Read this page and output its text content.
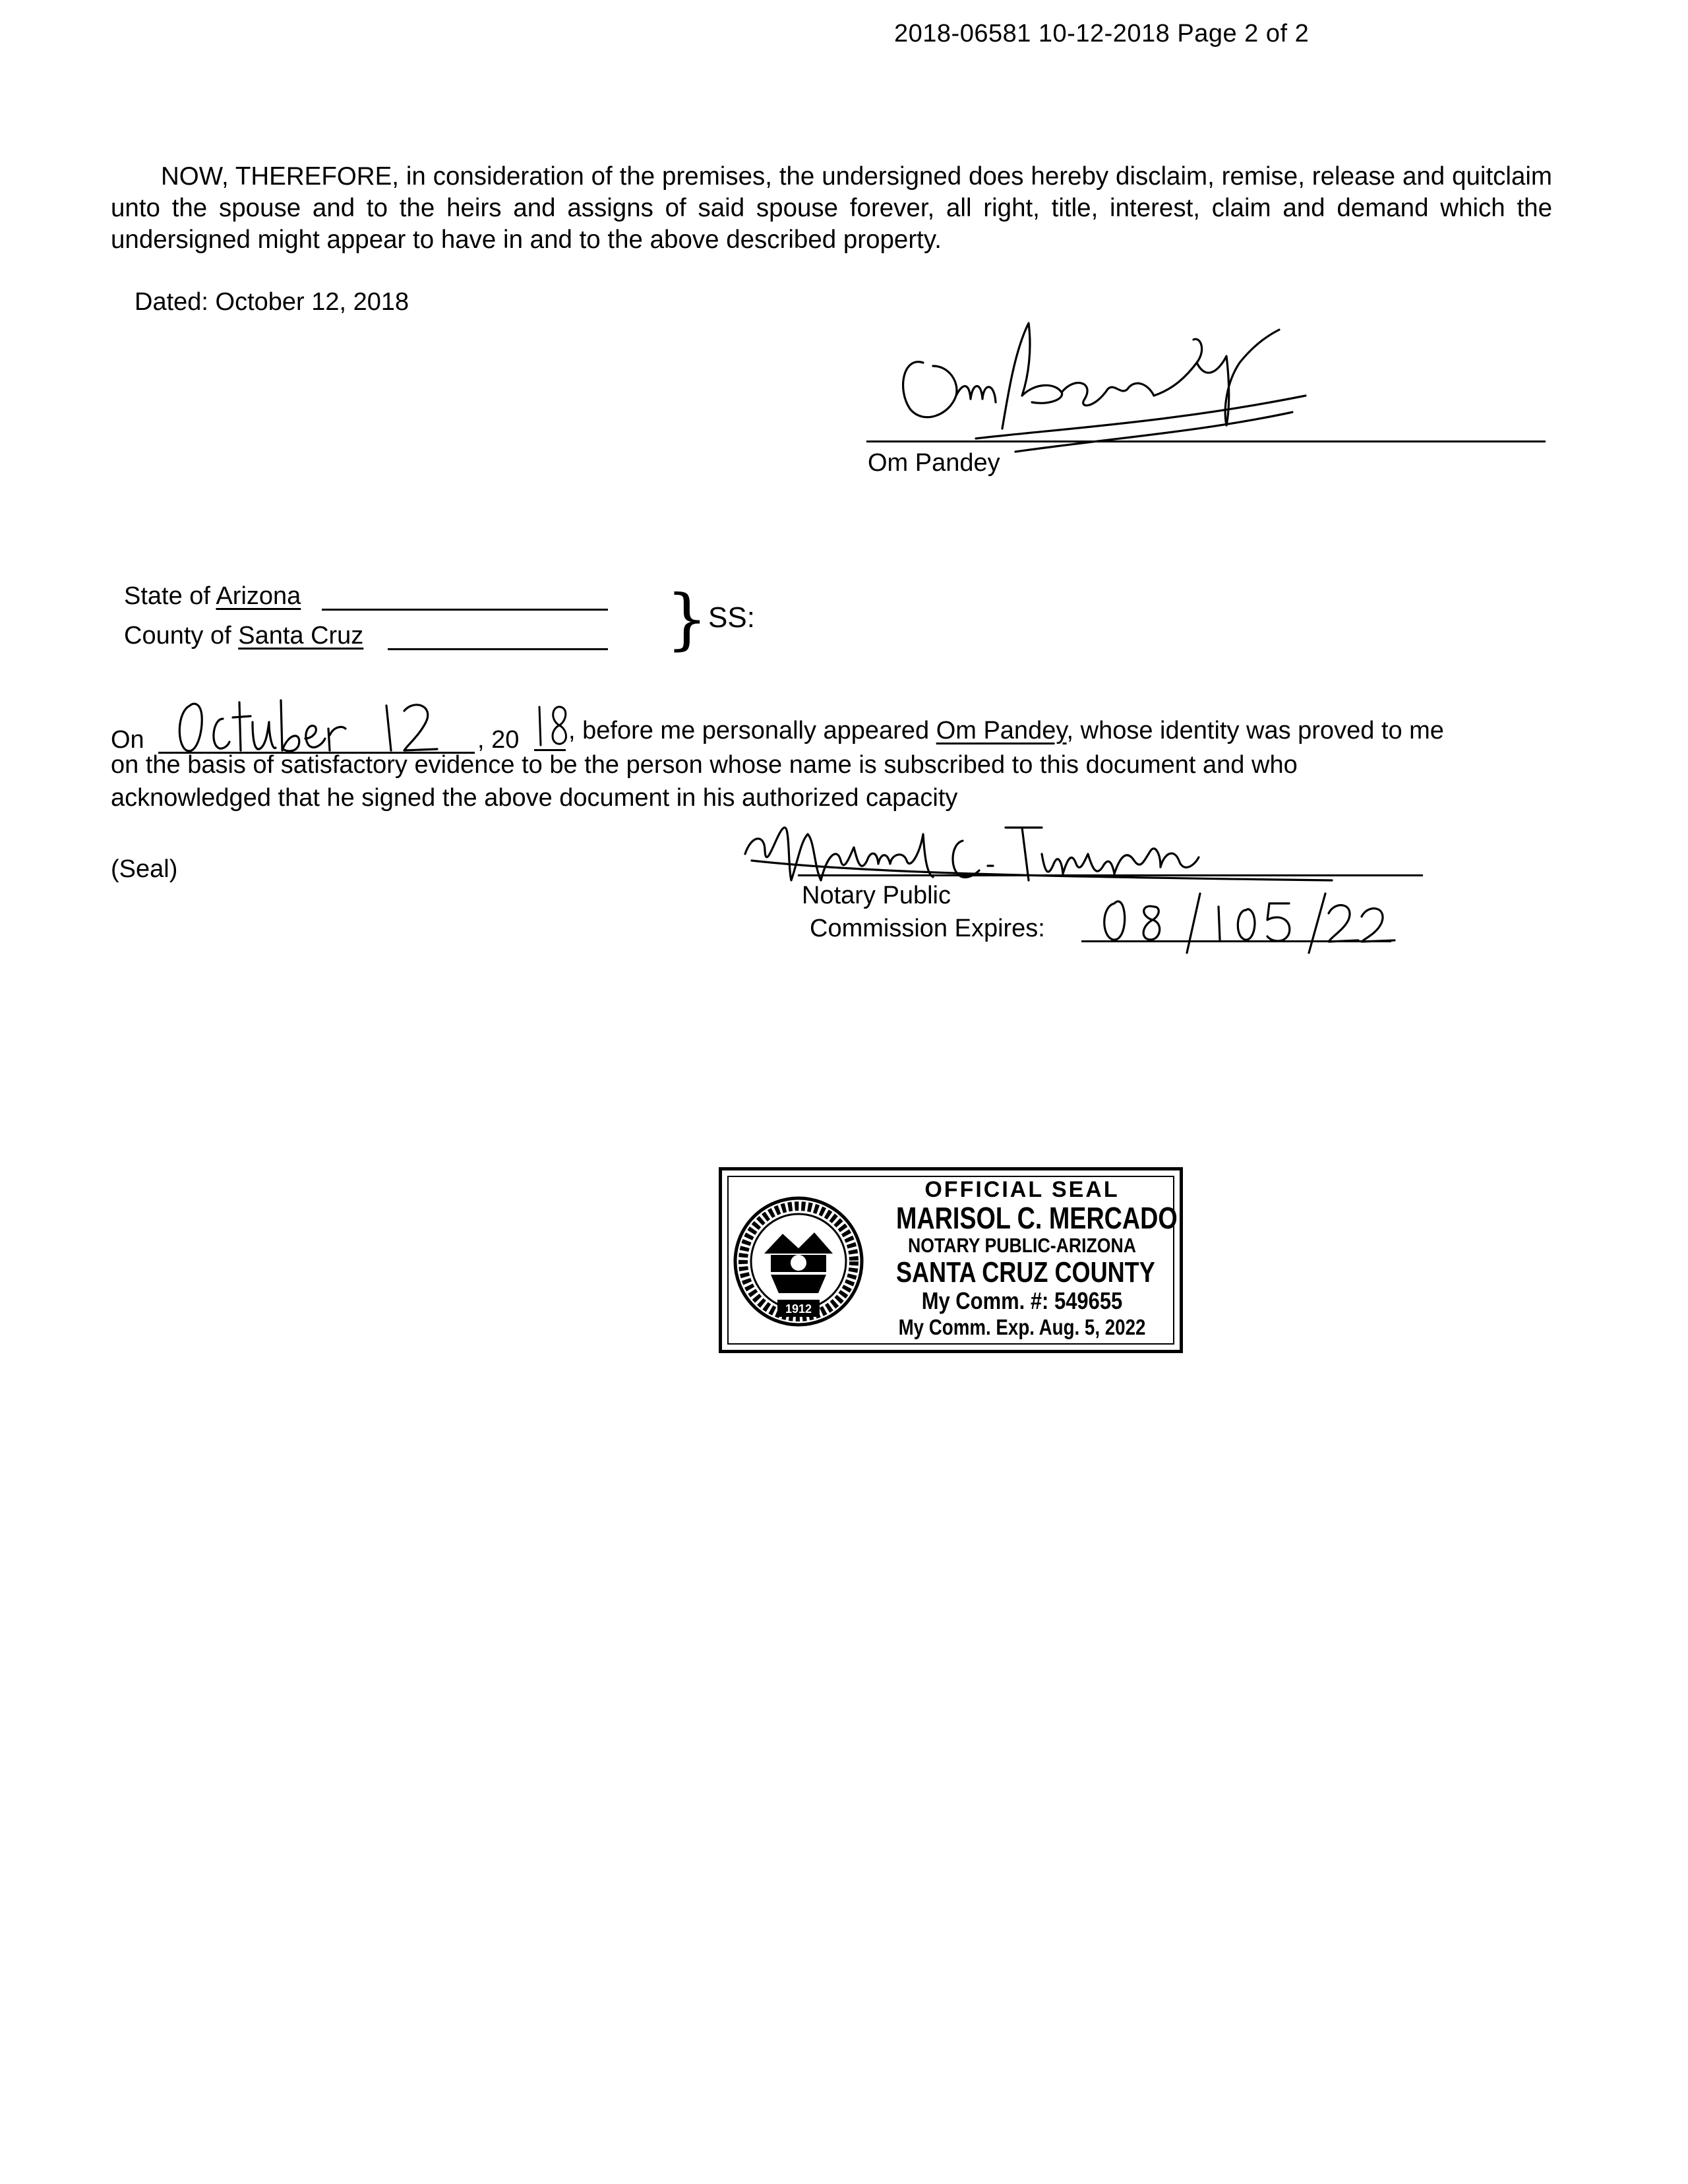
2018-06581 10-12-2018 Page 2 of 2
NOW, THEREFORE, in consideration of the premises, the undersigned does hereby disclaim, remise, release and quitclaim unto the spouse and to the heirs and assigns of said spouse forever, all right, title, interest, claim and demand which the undersigned might appear to have in and to the above described property.
Dated: October 12, 2018
Om Pandey
State of Arizona
County of Santa Cruz	} SS:
On	, 20 , before me personally appeared Om Pandey, whose identity was proved to me
on the basis of satisfactory evidence to be the person whose name is subscribed to this document and who
acknowledged that he signed the above document in his authorized capacity
(Seal)
Notary Public
Commission Expires:
1912
OFFICIAL SEAL
MARISOL C. MERCADO
NOTARY PUBLIC-ARIZONA
SANTA CRUZ COUNTY
My Comm. #: 549655
My Comm. Exp. Aug. 5, 2022
